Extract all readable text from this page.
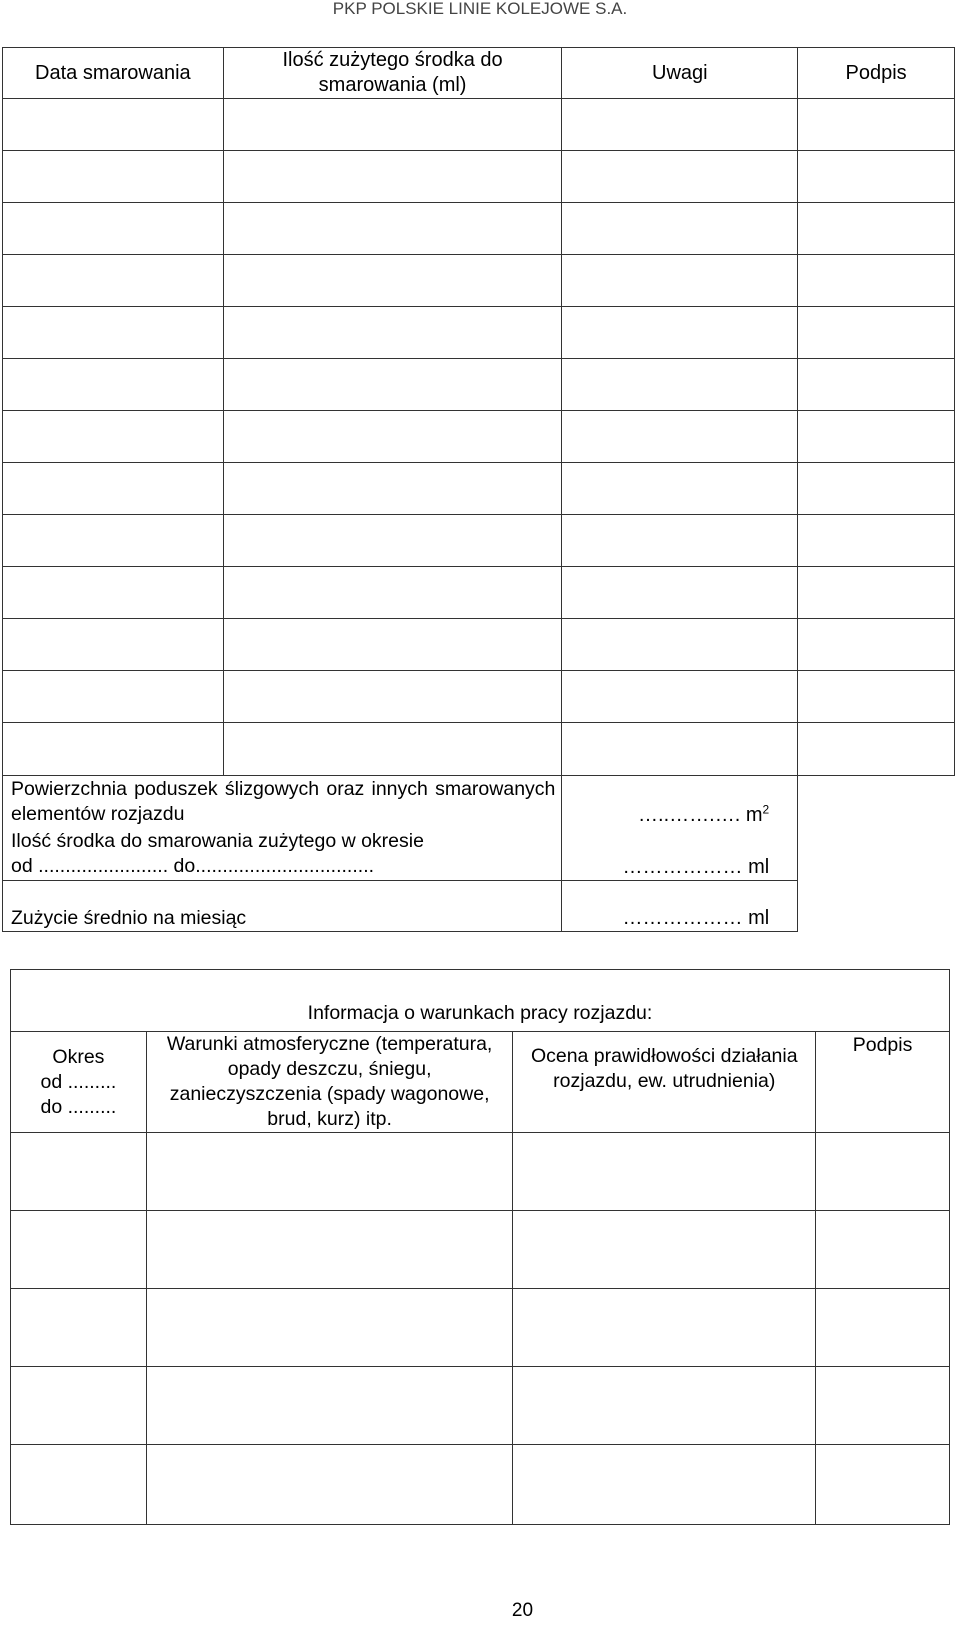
PKP POLSKIE LINIE KOLEJOWE S.A.
Data smarowania	Ilość zużytego środka do smarowania (ml)	Uwagi	Podpis

Powierzchnia poduszek ślizgowych oraz innych smarowanych elementów rozjazdu		…..…….…. $m^2$	

Ilość środka do smarowania zużytego w okresie
od ........................ do.................................		……………… ml	
Zużycie średnio na miesiąc		……………… ml	
Informacja o warunkach pracy rozjazdu:			

Okres
od .........
do .........	Warunki atmosferyczne (temperatura, opady deszczu, śniegu, zanieczyszczenia (spady wagonowe, brud, kurz) itp.	Ocena prawidłowości działania rozjazdu, ew. utrudnienia)	Podpis

20
